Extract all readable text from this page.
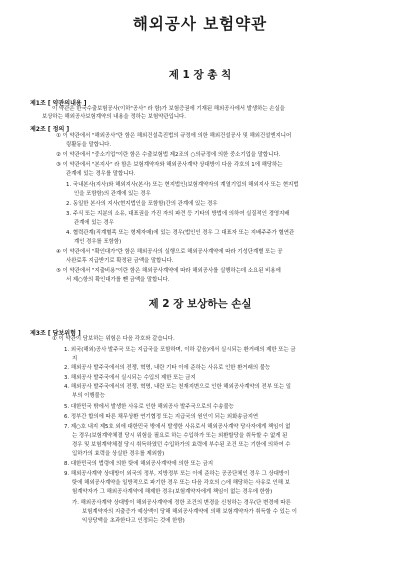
해외공사 보험약관
제 1 장 총 칙
제1조 [ 약관의내용 ]
이 약관은 한국수출보험공사(이하"공사" 라 함)가 보험증권에 기재된 해외공사에서 발생하는 손실을
보상하는 해외공사보험계약의 내용을 정하는 보험약관입니다.
제2조 [ 정의 ]
① 이 약관에서 "해외공사"란 함은 해외건설촉진법의 규정에 의한 해외건설공사 및 해외건설엔지니어
링활동을 말합니다.
② 이 약관에서 "중소기업"이란 함은 수출보험법 제2조의 ○의규정에 의한 중소기업을 말합니다.
③ 이 약관에서 "본지사" 라 함은 보험계약자와 해외공사계약 상대방이 다음 각호의 1에 해당하는
관계에 있는 경우를 말합니다.
1. 국내본사(지사)와 해외지사(본사) 또는 현지법인(보험계약자의 계열기업의 해외지사 또는 현지법
인을 포함함)의 관계에 있는 경우
2. 동일한 본사의 지사(현지법인을 포함함)간의 관계에 있는 경우
3. 주식 또는 지분의 소유, 대표권을 가진 자의 파견 등 기타의 방법에 의하여 실질적인 경영지배
관계에 있는 경우
4. 협력관계(직계혈족 또는 형제자매)에 있는 경우(법인인 경우 그 대표자 또는 지배주주가 혈연관
계인 경우를 포함함)
④ 이 약관에서 "확인대가"란 함은 해외공사의 실행으로 해외공사계약에 따라 기성단계별 또는 공
사완료후 지급받기로 확정된 금액을 말합니다.
⑤ 이 약관에서 "지출비용"이란 함은 해외공사계약에 따라 해외공사를 실행하는데 소요된 비용에
서 제○항의 확인대가를 뺀 금액을 말합니다.
제 2 장 보상하는 손실
제3조 [ 담보위험 ]
① 이 약관이 담보하는 위험은 다음 각호와 같습니다.
1. 외국(해외)공사 발주국 또는 지급국을 포함하며, 이하 같음)에서 실시되는 환거래의 제한 또는 금
지
2. 해외공사 발주국에서의 전쟁, 혁명, 내란 기타 이에 준하는 사유로 인한 환거래의 불능
3. 해외공사 발주국에서 실시되는 수입의 제한 또는 금지
4. 해외공사 발주국에서의 전쟁, 혁명, 내란 또는 천재지변으로 인한 해외공사계약의 전부 또는 일
부의 이행불능
5. 대한민국 밖에서 발생한 사유로 인한 해외공사 발주국으로의 수송불능
6. 정부간 합의에 따른 채무상환 연기협정 또는 지급국의 원인이 되는 외화송금지연
7. 제○호 내지 제5호 외에 대한민국 밖에서 발생한 사유로서 해외공사계약 당사자에게 책임이 없
는 경우(보험계약체결 당시 위험을 필요로 하는 수입하가 또는 외환할당을 취득할 수 없게 된
경우 및 보험계약체결 당시 취득하였던 수입하가의 효력에 부수된 조건 또는 기한에 의하여 수
입하가의 효력을 상실한 경우를 제외함)
8. 대한민국의 법령에 의한 탓에 해외공사계약에 의한 또는 금지
9. 해외공사계약 상대방이 외국의 정부, 지방정부 또는 이에 준하는 공공단체인 경우 그 상대방이
탓에 해외공사계약을 일방적으로 파기한 경우 또는 다음 각호의 ○에 해당하는 사유로 인해 보
험계약자가 그 해외공사계약에 해제한 경우(보험계약자에게 책임이 없는 경우에 한함)
가. 해외공사계약 상대방이 해외공사계약에 정한 조건의 변경을 신청하는 경우(단 변경에 따른
보험계약자의 지출증가 예상액이 당해 해외공사계약에 의해 보험계약자가 취득할 수 있는 이
익상당액을 초과한다고 인정되는 것에 한함)
